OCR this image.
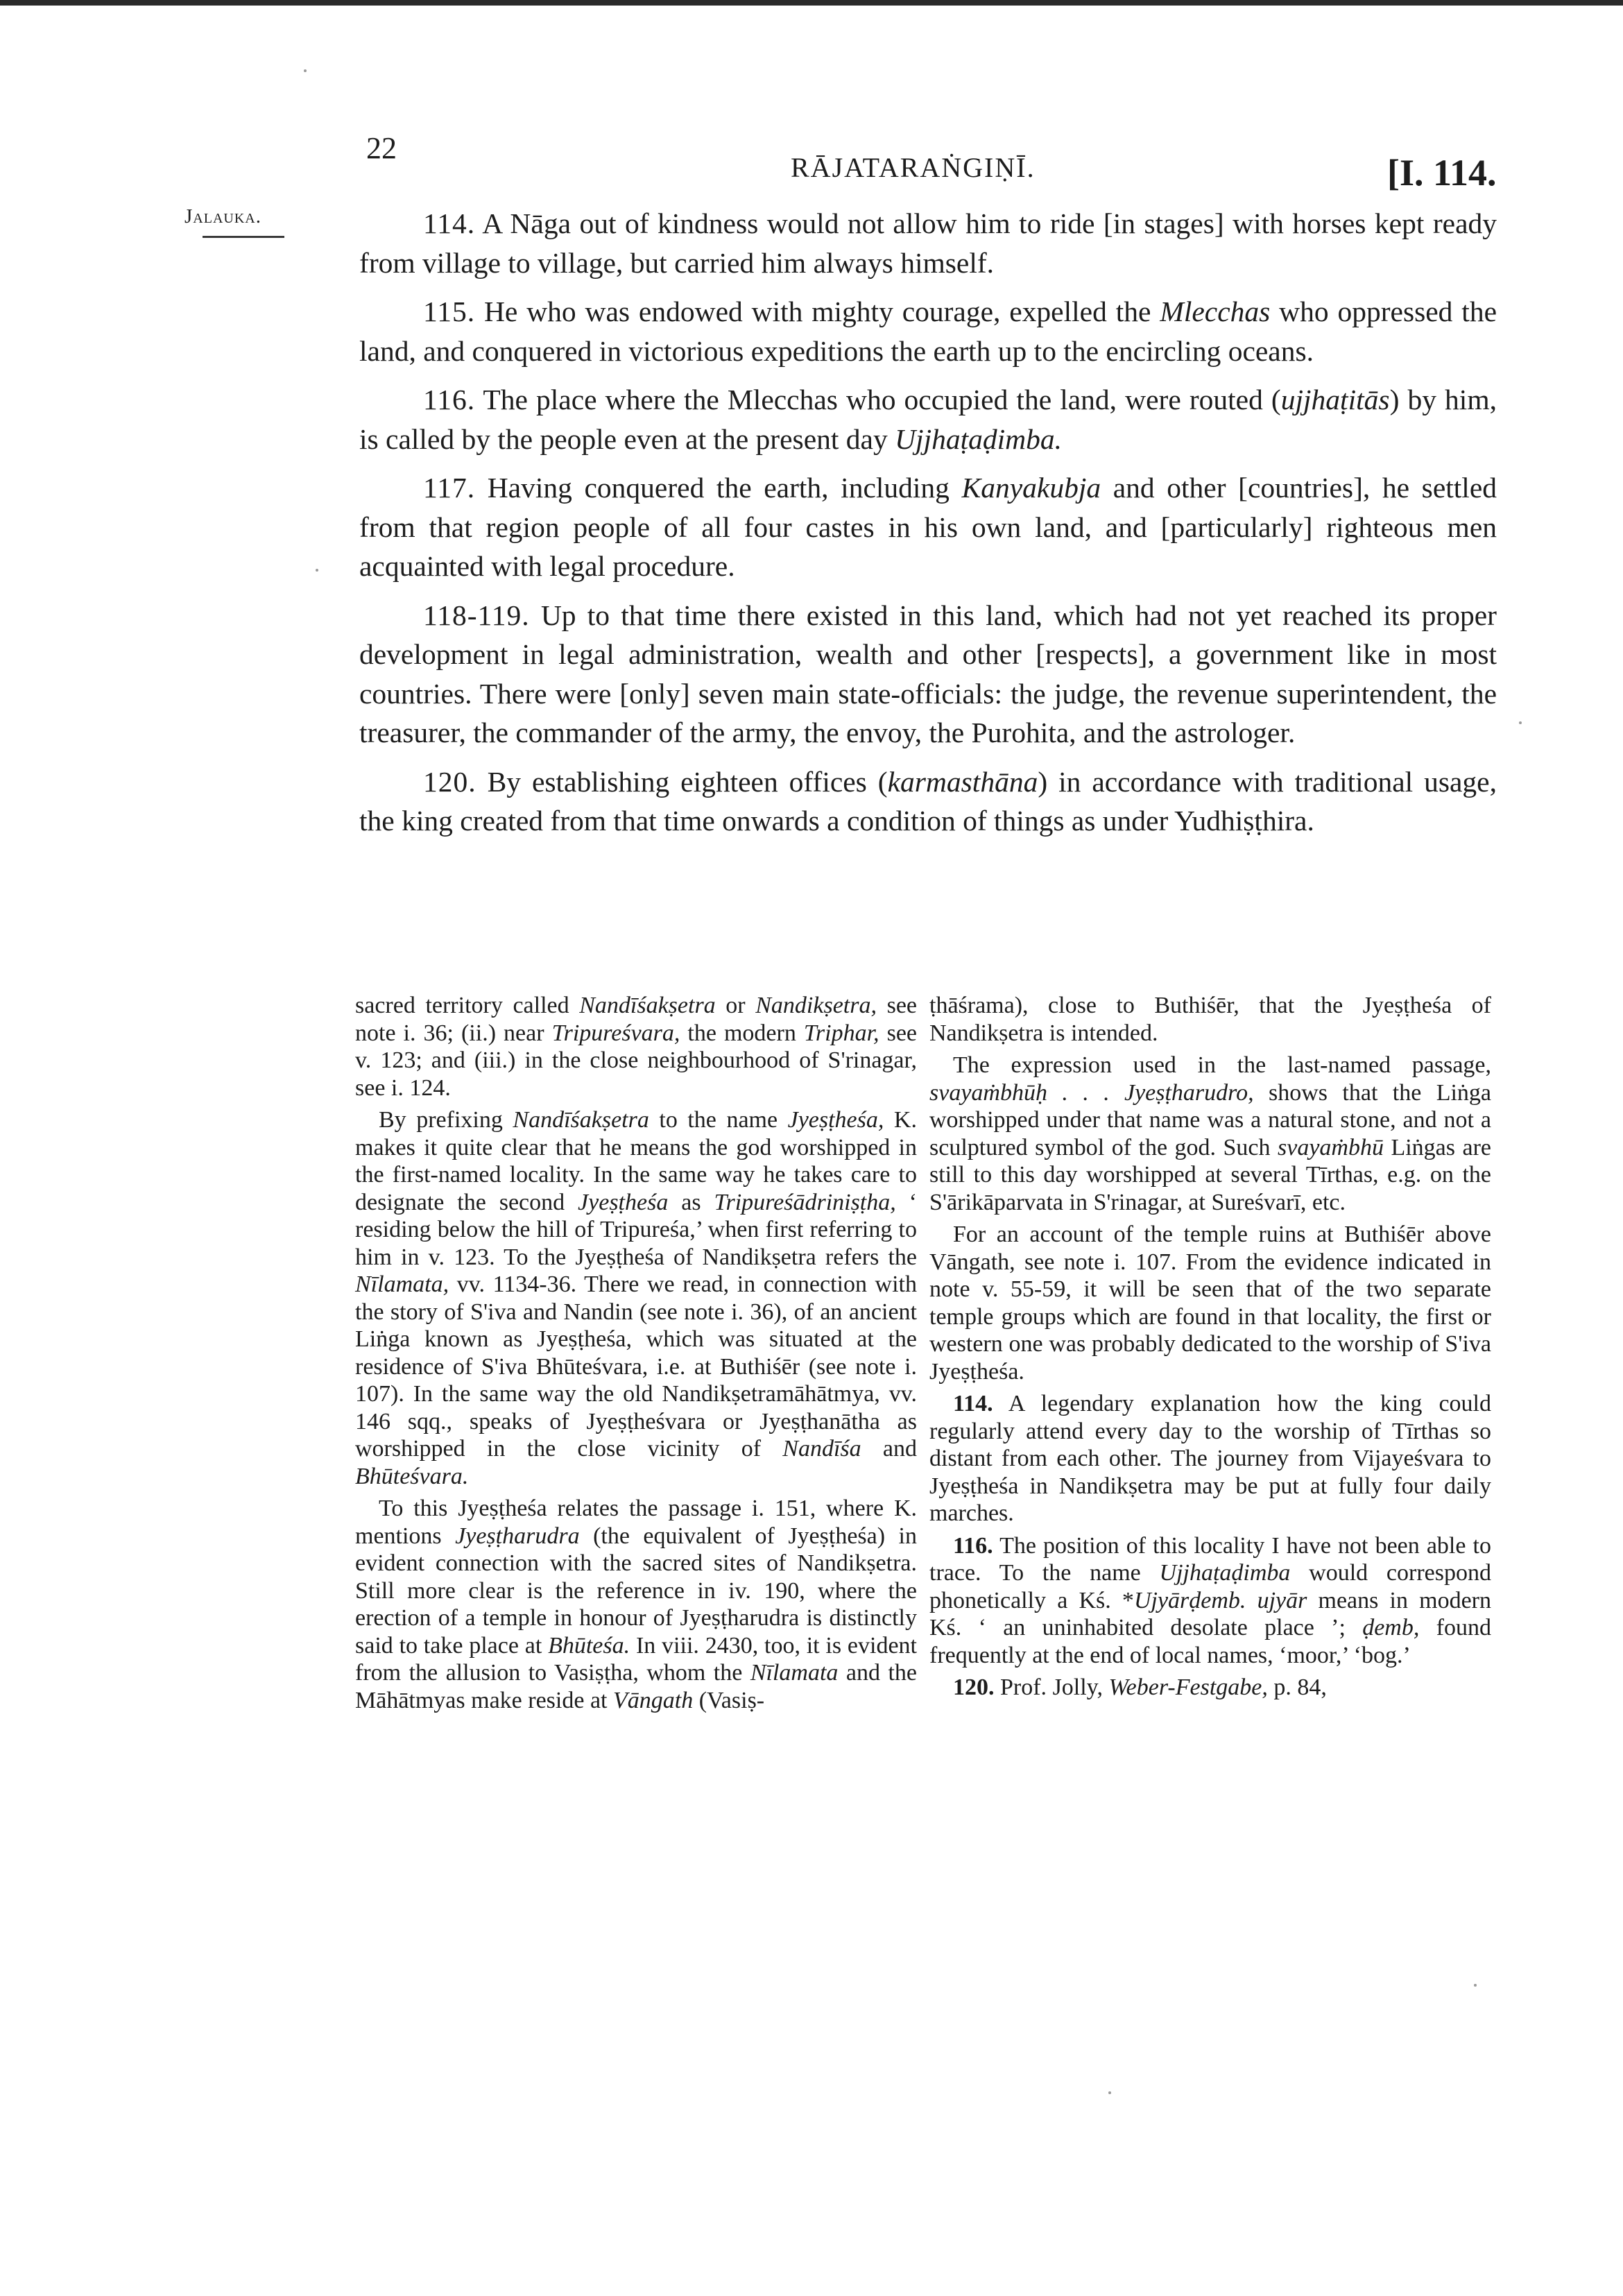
22
RĀJATARAṄGIṆĪ.	[I. 114.
Jalauka.	114. A Nāga out of kindness would not allow him to ride [in stages] with horses kept ready from village to village, but carried him always himself.

115. He who was endowed with mighty courage, expelled the Mlecchas who oppressed the land, and conquered in victorious expeditions the earth up to the encircling oceans.

116. The place where the Mlecchas who occupied the land, were routed (ujjhaṭitās) by him, is called by the people even at the present day Ujjhaṭaḍimba.

117. Having conquered the earth, including Kanyakubja and other [countries], he settled from that region people of all four castes in his own land, and [particularly] righteous men acquainted with legal procedure.

118-119. Up to that time there existed in this land, which had not yet reached its proper development in legal administration, wealth and other [respects], a government like in most countries. There were [only] seven main state-officials: the judge, the revenue superintendent, the treasurer, the commander of the army, the envoy, the Purohita, and the astrologer.

120. By establishing eighteen offices (karmasthāna) in accordance with traditional usage, the king created from that time onwards a condition of things as under Yudhiṣṭhira.

sacred territory called Nandīśakṣetra or Nandikṣetra, see note i. 36; (ii.) near Tripureśvara, the modern Triphar, see v. 123; and (iii.) in the close neighbourhood of S'rinagar, see i. 124.

By prefixing Nandīśakṣetra to the name Jyeṣṭheśa, K. makes it quite clear that he means the god worshipped in the first-named locality. In the same way he takes care to designate the second Jyeṣṭheśa as Tripureśādriniṣṭha, ‘ residing below the hill of Tripureśa,’ when first referring to him in v. 123. To the Jyeṣṭheśa of Nandikṣetra refers the Nīlamata, vv. 1134-36. There we read, in connection with the story of S'iva and Nandin (see note i. 36), of an ancient Liṅga known as Jyeṣṭheśa, which was situated at the residence of S'iva Bhūteśvara, i.e. at Buthiśēr (see note i. 107). In the same way the old Nandikṣetramāhātmya, vv. 146 sqq., speaks of Jyeṣṭheśvara or Jyeṣṭhanātha as worshipped in the close vicinity of Nandīśa and Bhūteśvara.

To this Jyeṣṭheśa relates the passage i. 151, where K. mentions Jyeṣṭharudra (the equivalent of Jyeṣṭheśa) in evident connection with the sacred sites of Nandikṣetra. Still more clear is the reference in iv. 190, where the erection of a temple in honour of Jyeṣṭharudra is distinctly said to take place at Bhūteśa. In viii. 2430, too, it is evident from the allusion to Vasiṣṭha, whom the Nīlamata and the Māhātmyas make reside at Vāngath (Vasiṣ-

ṭhāśrama), close to Buthiśēr, that the Jyeṣṭheśa of Nandikṣetra is intended.

The expression used in the last-named passage, svayaṁbhūḥ . . . Jyeṣṭharudro, shows that the Liṅga worshipped under that name was a natural stone, and not a sculptured symbol of the god. Such svayaṁbhū Liṅgas are still to this day worshipped at several Tīrthas, e.g. on the S'ārikāparvata in S'rinagar, at Sureśvarī, etc.

For an account of the temple ruins at Buthiśēr above Vāngath, see note i. 107. From the evidence indicated in note v. 55-59, it will be seen that of the two separate temple groups which are found in that locality, the first or western one was probably dedicated to the worship of S'iva Jyeṣṭheśa.

114. A legendary explanation how the king could regularly attend every day to the worship of Tīrthas so distant from each other. The journey from Vijayeśvara to Jyeṣṭheśa in Nandikṣetra may be put at fully four daily marches.

116. The position of this locality I have not been able to trace. To the name Ujjhaṭaḍimba would correspond phonetically a Kś. *Ujyārḍemb. ujyār means in modern Kś. ‘ an uninhabited desolate place ’; ḍemb, found frequently at the end of local names, ‘moor,’ ‘bog.’

120. Prof. Jolly, Weber-Festgabe, p. 84,
